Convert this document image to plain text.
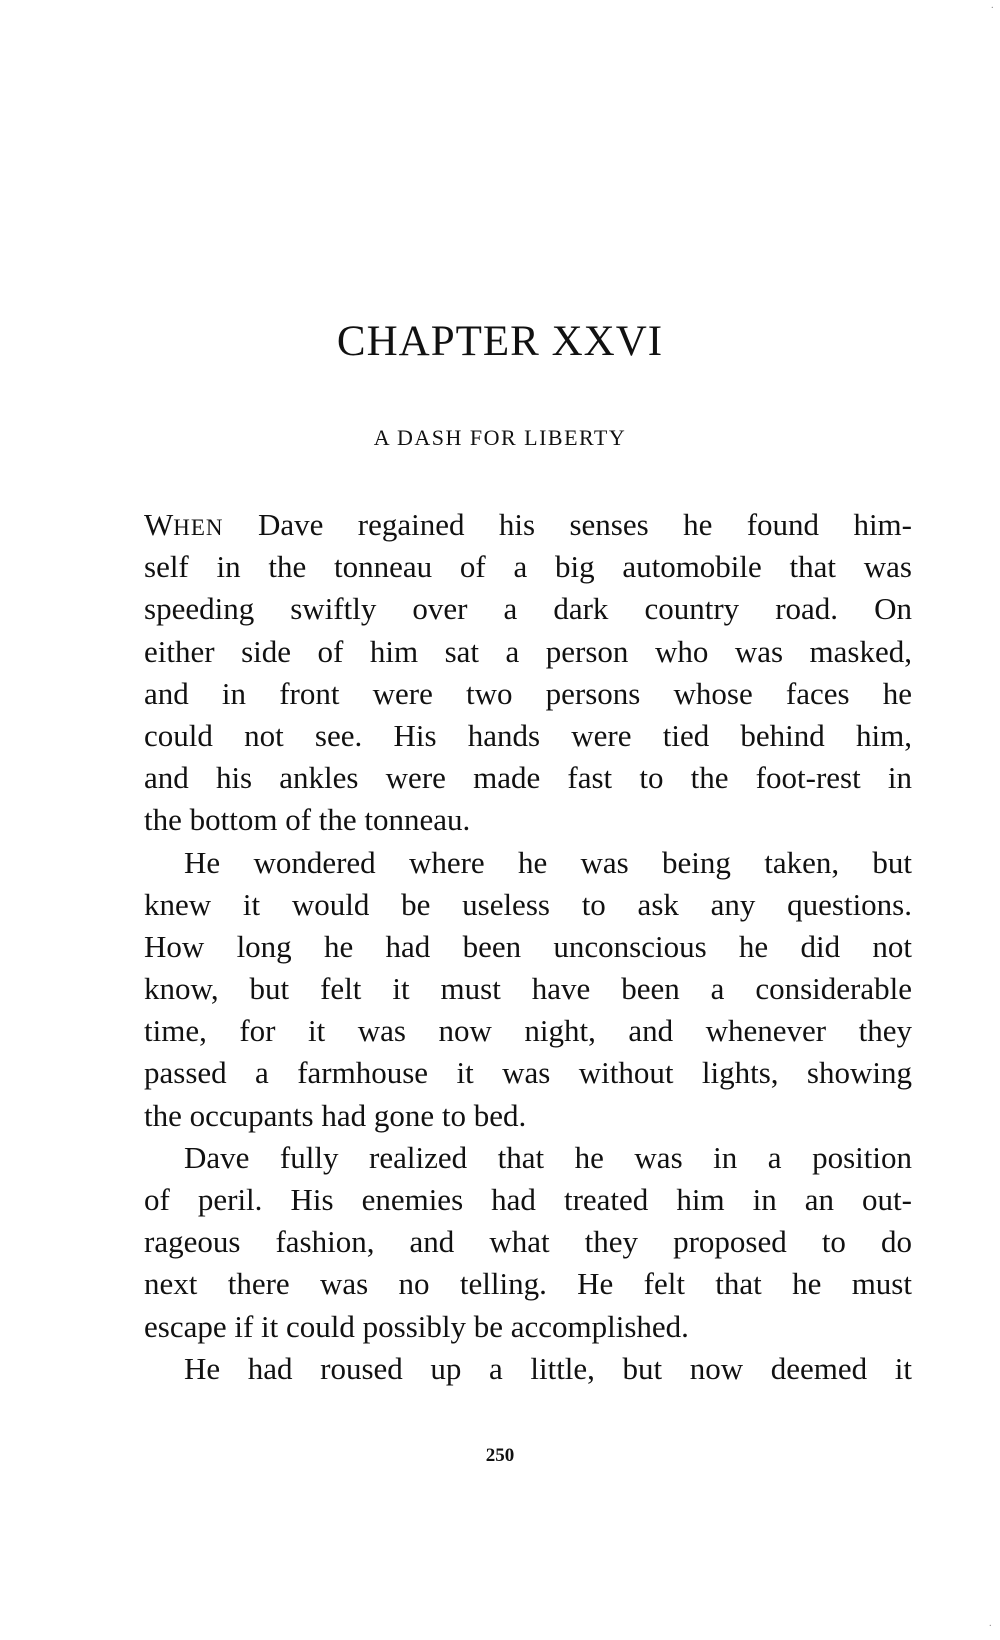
CHAPTER XXVI
A DASH FOR LIBERTY
WHEN Dave regained his senses he found him-
self in the tonneau of a big automobile that was
speeding swiftly over a dark country road. On
either side of him sat a person who was masked,
and in front were two persons whose faces he
could not see. His hands were tied behind him,
and his ankles were made fast to the foot-rest in
the bottom of the tonneau.
He wondered where he was being taken, but
knew it would be useless to ask any questions.
How long he had been unconscious he did not
know, but felt it must have been a considerable
time, for it was now night, and whenever they
passed a farmhouse it was without lights, showing
the occupants had gone to bed.
Dave fully realized that he was in a position
of peril. His enemies had treated him in an out-
rageous fashion, and what they proposed to do
next there was no telling. He felt that he must
escape if it could possibly be accomplished.
He had roused up a little, but now deemed it
250
·
·
